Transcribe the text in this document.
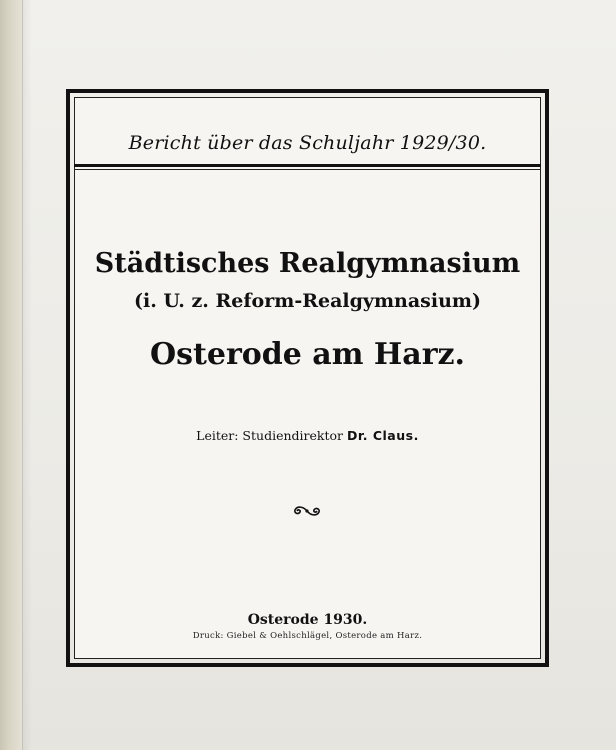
Bericht über das Schuljahr 1929/30.
Städtisches Realgymnasium
(i. U. z. Reform-Realgymnasium)
Osterode am Harz.
Leiter: Studiendirektor Dr. Claus.
Osterode 1930.
Druck: Giebel & Oehlschlägel, Osterode am Harz.
